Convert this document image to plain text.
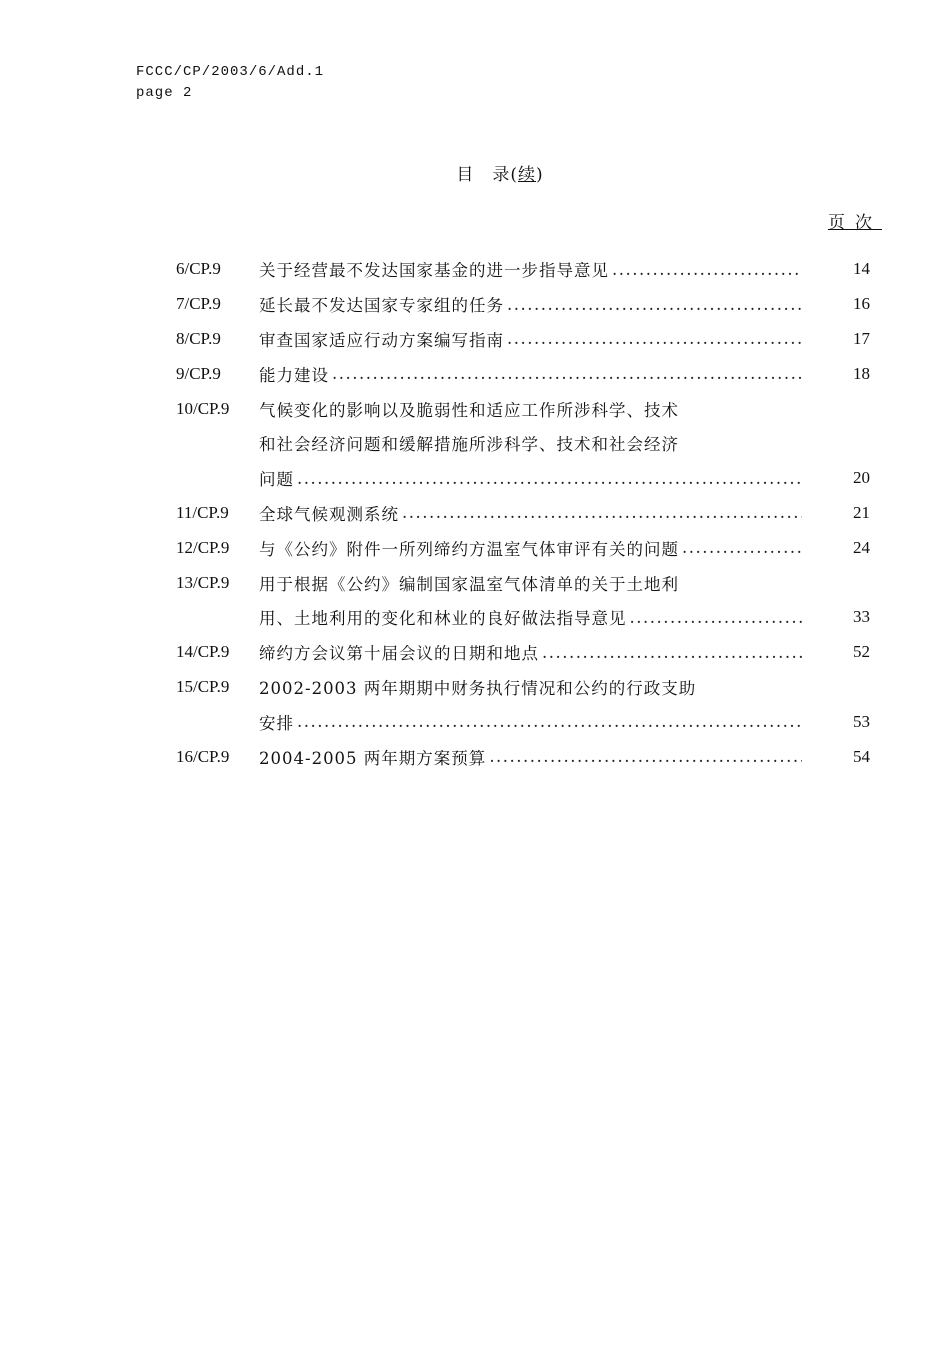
FCCC/CP/2003/6/Add.1
page 2
目　录(续)
页次
6/CP.9	关于经营最不发达国家基金的进一步指导意见 .....	14
7/CP.9	延长最不发达国家专家组的任务 .....	16
8/CP.9	审查国家适应行动方案编写指南 .....	17
9/CP.9	能力建设 .....	18
10/CP.9	气候变化的影响以及脆弱性和适应工作所涉科学、技术
和社会经济问题和缓解措施所涉科学、技术和社会经济
问题 .....	20
11/CP.9	全球气候观测系统 .....	21
12/CP.9	与《公约》附件一所列缔约方温室气体审评有关的问题 .....	24
13/CP.9	用于根据《公约》编制国家温室气体清单的关于土地利
用、土地利用的变化和林业的良好做法指导意见 .....	33
14/CP.9	缔约方会议第十届会议的日期和地点 .....	52
15/CP.9	2002-2003 两年期期中财务执行情况和公约的行政支助
安排 .....	53
16/CP.9	2004-2005 两年期方案预算 .....	54
